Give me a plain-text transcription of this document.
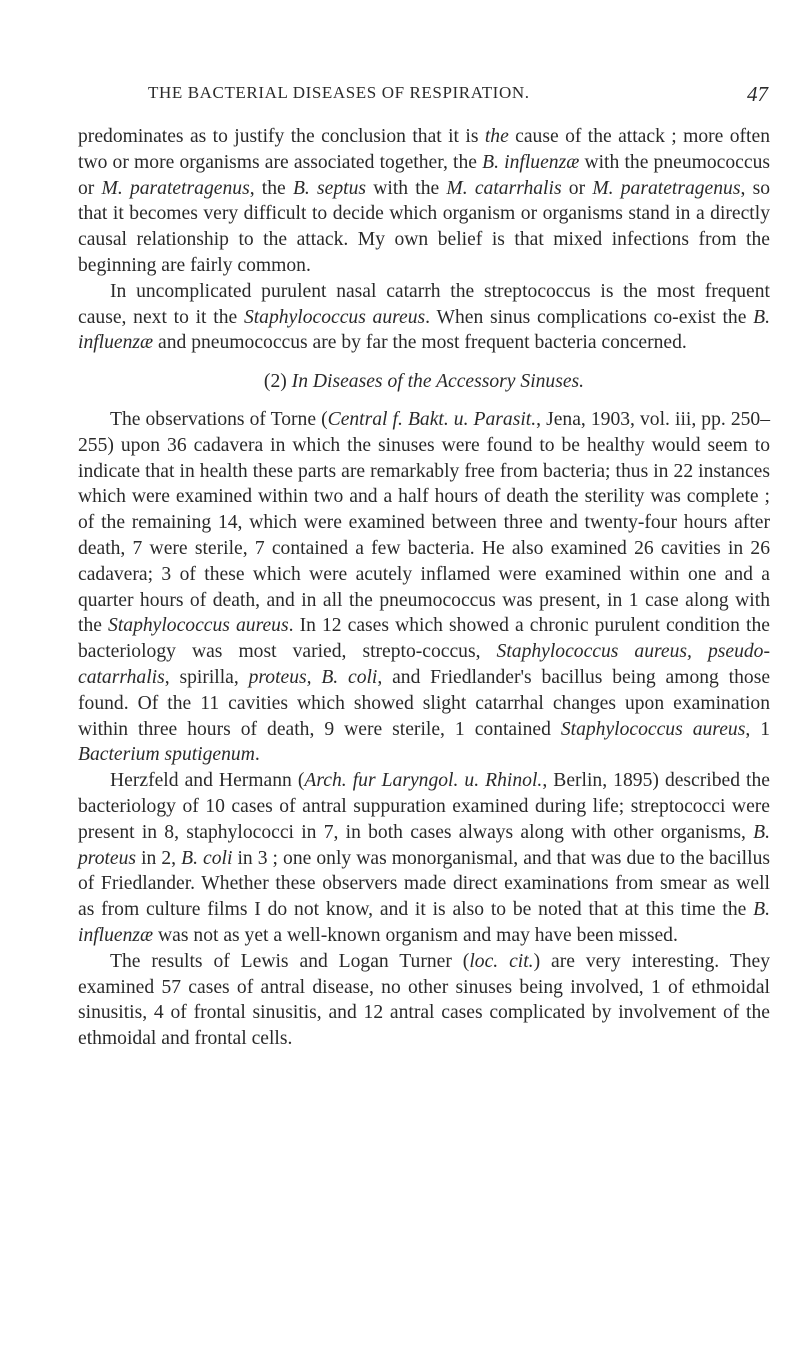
THE BACTERIAL DISEASES OF RESPIRATION.	47

predominates as to justify the conclusion that it is the cause of the attack ; more often two or more organisms are associated together, the B. influenzæ with the pneumococcus or M. paratetragenus, the B. septus with the M. catarrhalis or M. paratetragenus, so that it becomes very difficult to decide which organism or organisms stand in a directly causal relationship to the attack. My own belief is that mixed infections from the beginning are fairly common.

In uncomplicated purulent nasal catarrh the streptococcus is the most frequent cause, next to it the Staphylococcus aureus. When sinus complications co-exist the B. influenzæ and pneumococcus are by far the most frequent bacteria concerned.

(2) In Diseases of the Accessory Sinuses.

The observations of Torne (Central f. Bakt. u. Parasit., Jena, 1903, vol. iii, pp. 250–255) upon 36 cadavera in which the sinuses were found to be healthy would seem to indicate that in health these parts are remarkably free from bacteria; thus in 22 instances which were examined within two and a half hours of death the sterility was complete ; of the remaining 14, which were examined between three and twenty-four hours after death, 7 were sterile, 7 contained a few bacteria. He also examined 26 cavities in 26 cadavera; 3 of these which were acutely inflamed were examined within one and a quarter hours of death, and in all the pneumococcus was present, in 1 case along with the Staphylococcus aureus. In 12 cases which showed a chronic purulent condition the bacteriology was most varied, strepto-coccus, Staphylococcus aureus, pseudo-catarrhalis, spirilla, proteus, B. coli, and Friedlander's bacillus being among those found. Of the 11 cavities which showed slight catarrhal changes upon examination within three hours of death, 9 were sterile, 1 contained Staphylococcus aureus, 1 Bacterium sputigenum.

Herzfeld and Hermann (Arch. fur Laryngol. u. Rhinol., Berlin, 1895) described the bacteriology of 10 cases of antral suppuration examined during life; streptococci were present in 8, staphylococci in 7, in both cases always along with other organisms, B. proteus in 2, B. coli in 3 ; one only was monorganismal, and that was due to the bacillus of Friedlander. Whether these observers made direct examinations from smear as well as from culture films I do not know, and it is also to be noted that at this time the B. influenzæ was not as yet a well-known organism and may have been missed.

The results of Lewis and Logan Turner (loc. cit.) are very interesting. They examined 57 cases of antral disease, no other sinuses being involved, 1 of ethmoidal sinusitis, 4 of frontal sinusitis, and 12 antral cases complicated by involvement of the ethmoidal and frontal cells.
